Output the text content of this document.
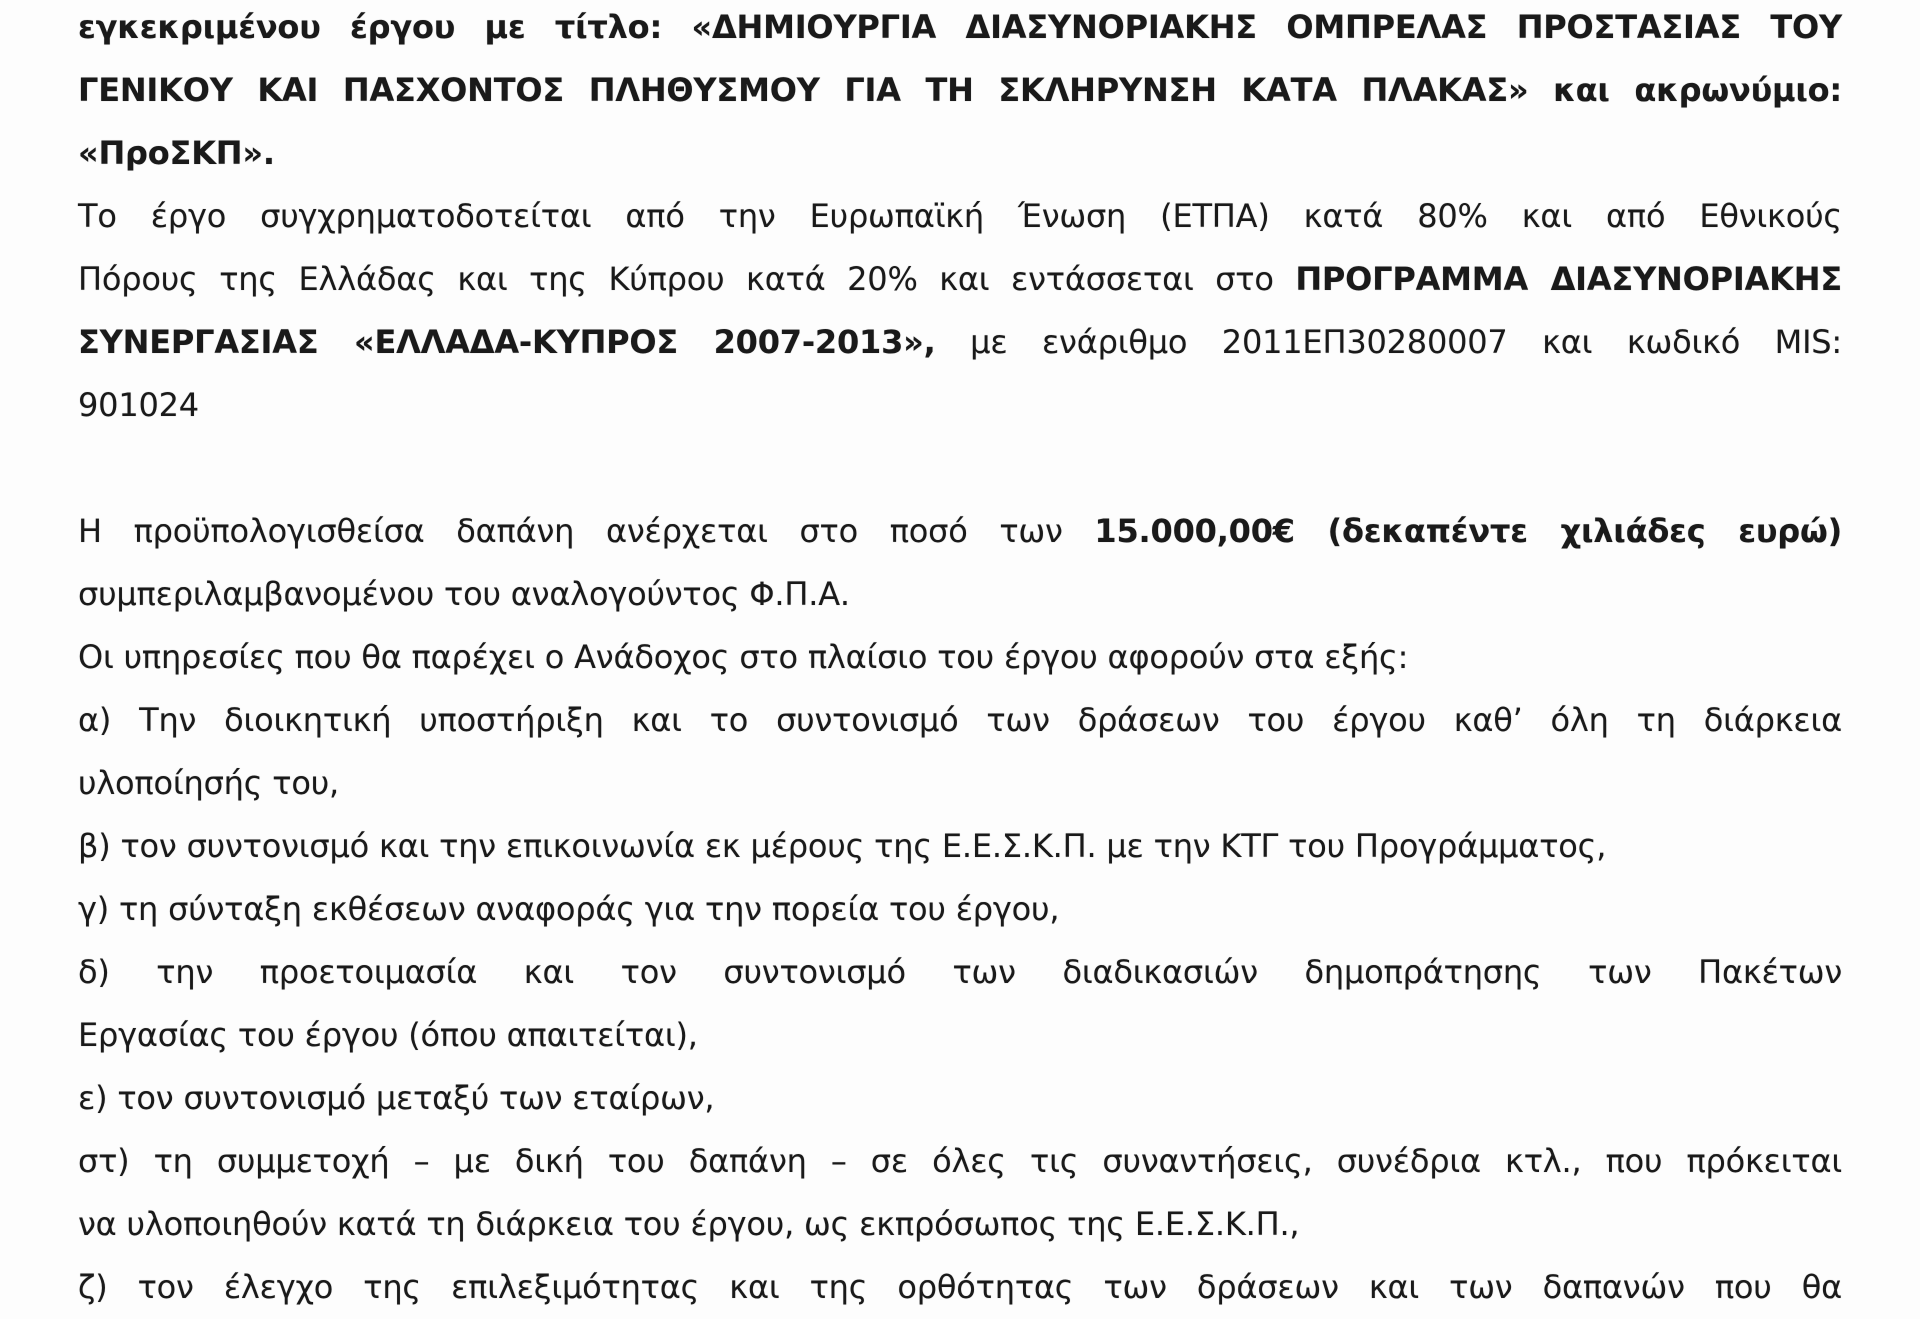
εγκεκριμένου έργου με τίτλο: «ΔΗΜΙΟΥΡΓΙΑ ΔΙΑΣΥΝΟΡΙΑΚΗΣ ΟΜΠΡΕΛΑΣ ΠΡΟΣΤΑΣΙΑΣ ΤΟΥ
ΓΕΝΙΚΟΥ ΚΑΙ ΠΑΣΧΟΝΤΟΣ ΠΛΗΘΥΣΜΟΥ ΓΙΑ ΤΗ ΣΚΛΗΡΥΝΣΗ ΚΑΤΑ ΠΛΑΚΑΣ» και ακρωνύμιο:
«ΠροΣΚΠ».
Το έργο συγχρηματοδοτείται από την Ευρωπαϊκή Ένωση (ΕΤΠΑ) κατά 80% και από Εθνικούς
Πόρους της Ελλάδας και της Κύπρου κατά 20% και εντάσσεται στο ΠΡΟΓΡΑΜΜΑ ΔΙΑΣΥΝΟΡΙΑΚΗΣ
ΣΥΝΕΡΓΑΣΙΑΣ «ΕΛΛΑΔΑ-ΚΥΠΡΟΣ 2007-2013», με ενάριθμο 2011ΕΠ30280007 και κωδικό MIS:
901024
Η προϋπολογισθείσα δαπάνη ανέρχεται στο ποσό των 15.000,00€ (δεκαπέντε χιλιάδες ευρώ)
συμπεριλαμβανομένου του αναλογούντος Φ.Π.Α.
Οι υπηρεσίες που θα παρέχει ο Ανάδοχος στο πλαίσιο του έργου αφορούν στα εξής:
α) Την διοικητική υποστήριξη και το συντονισμό των δράσεων του έργου καθ’ όλη τη διάρκεια
υλοποίησής του,
β) τον συντονισμό και την επικοινωνία εκ μέρους της Ε.Ε.Σ.Κ.Π. με την ΚΤΓ του Προγράμματος,
γ) τη σύνταξη εκθέσεων αναφοράς για την πορεία του έργου,
δ) την προετοιμασία και τον συντονισμό των διαδικασιών δημοπράτησης των Πακέτων
Εργασίας του έργου (όπου απαιτείται),
ε) τον συντονισμό μεταξύ των εταίρων,
στ) τη συμμετοχή – με δική του δαπάνη – σε όλες τις συναντήσεις, συνέδρια κτλ., που πρόκειται
να υλοποιηθούν κατά τη διάρκεια του έργου, ως εκπρόσωπος της Ε.Ε.Σ.Κ.Π.,
ζ) τον έλεγχο της επιλεξιμότητας και της ορθότητας των δράσεων και των δαπανών που θα
